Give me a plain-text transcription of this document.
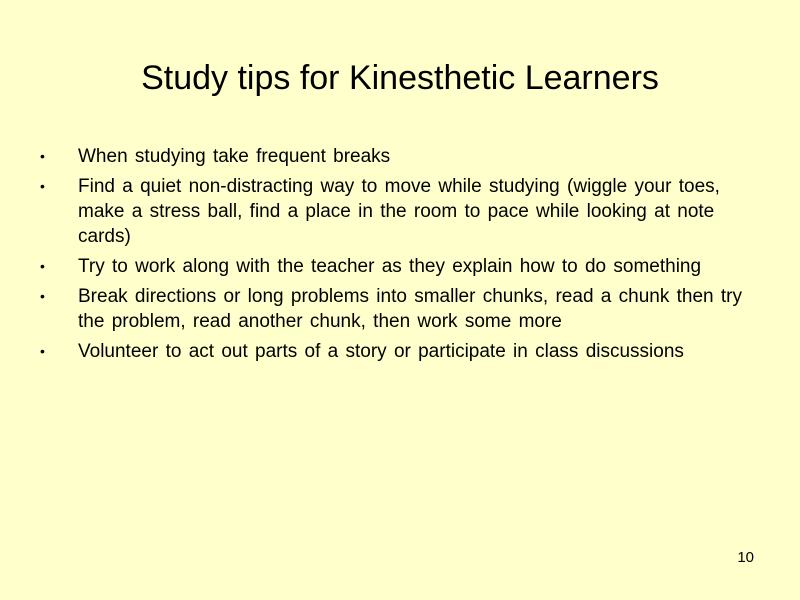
Study tips for Kinesthetic Learners
•	When studying take frequent breaks
•	Find a quiet non-distracting way to move while studying (wiggle your toes, make a stress ball, find a place in the room to pace while looking at note cards)
•	Try to work along with the teacher as they explain how to do something
•	Break directions or long problems into smaller chunks, read a chunk then try the problem, read another chunk, then work some more
•	Volunteer to act out parts of a story or participate in class discussions
10
